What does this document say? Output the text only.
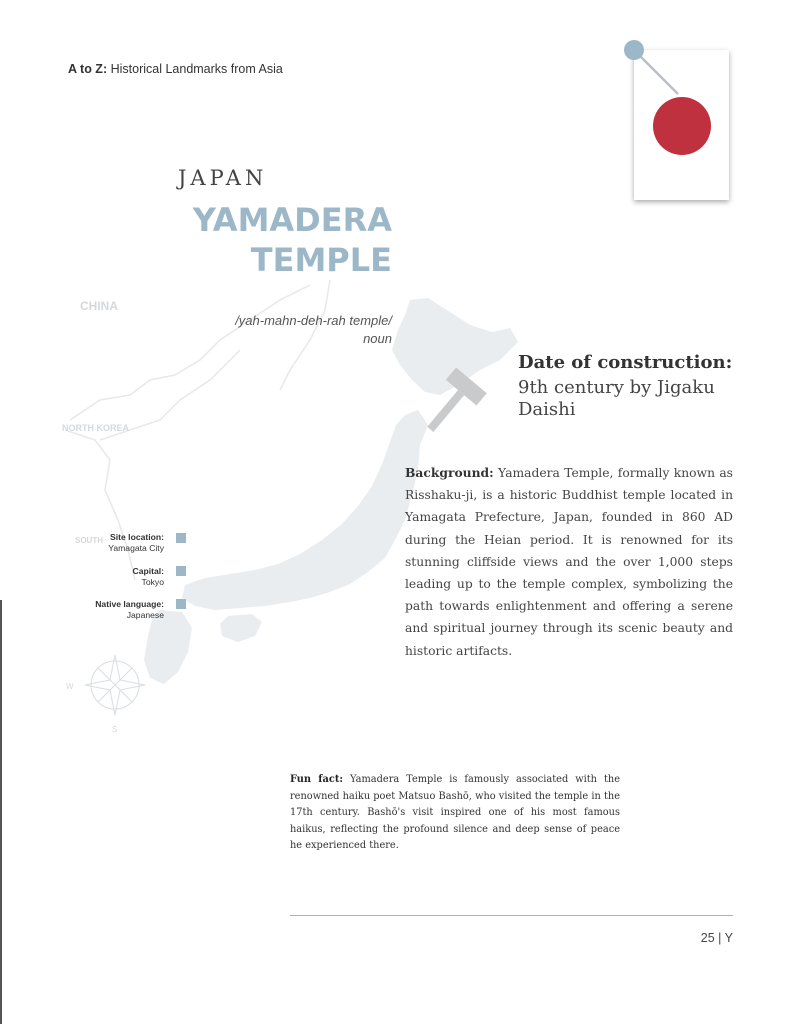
A to Z: Historical Landmarks from Asia
CHINA
NORTH KOREA
SOUTH
W
S
JAPAN
YAMADERA
TEMPLE
/yah-mahn-deh-rah temple/
noun
Site location:
Yamagata City
Capital:
Tokyo
Native language:
Japanese
Date of construction:
9th century by Jigaku Daishi
Background: Yamadera Temple, formally known as Risshaku-ji, is a historic Buddhist temple located in Yamagata Prefecture, Japan, founded in 860 AD during the Heian period. It is renowned for its stunning cliffside views and the over 1,000 steps leading up to the temple complex, symbolizing the path towards enlightenment and offering a serene and spiritual journey through its scenic beauty and historic artifacts.
Fun fact: Yamadera Temple is famously associated with the renowned haiku poet Matsuo Bashō, who visited the temple in the 17th century. Bashō's visit inspired one of his most famous haikus, reflecting the profound silence and deep sense of peace he experienced there.
25 | Y
